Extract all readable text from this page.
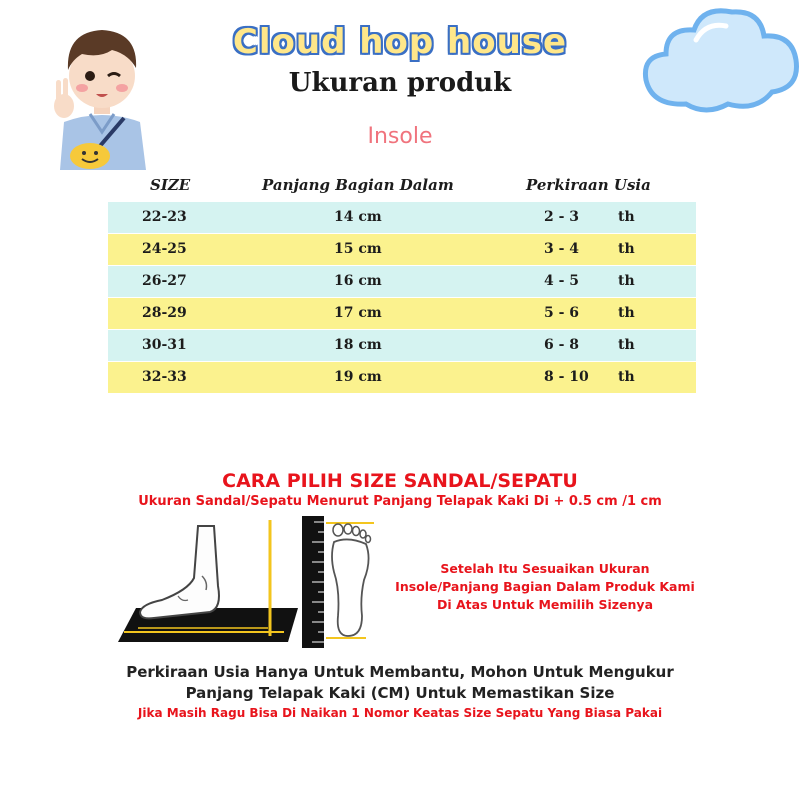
Cloud hop house
Ukuran produk
Insole
SIZE	Panjang Bagian Dalam	Perkiraan Usia
22-23	14 cm	2 - 3	th
24-25	15 cm	3 - 4	th
26-27	16 cm	4 - 5	th
28-29	17 cm	5 - 6	th
30-31	18 cm	6 - 8	th
32-33	19 cm	8 - 10 th
CARA PILIH SIZE SANDAL/SEPATU
Ukuran Sandal/Sepatu Menurut Panjang Telapak Kaki Di + 0.5 cm /1 cm
Setelah Itu Sesuaikan Ukuran
Insole/Panjang Bagian Dalam Produk Kami
Di Atas Untuk Memilih Sizenya
Perkiraan Usia Hanya Untuk Membantu, Mohon Untuk Mengukur
Panjang Telapak Kaki (CM) Untuk Memastikan Size
Jika Masih Ragu Bisa Di Naikan 1 Nomor Keatas Size Sepatu Yang Biasa Pakai
